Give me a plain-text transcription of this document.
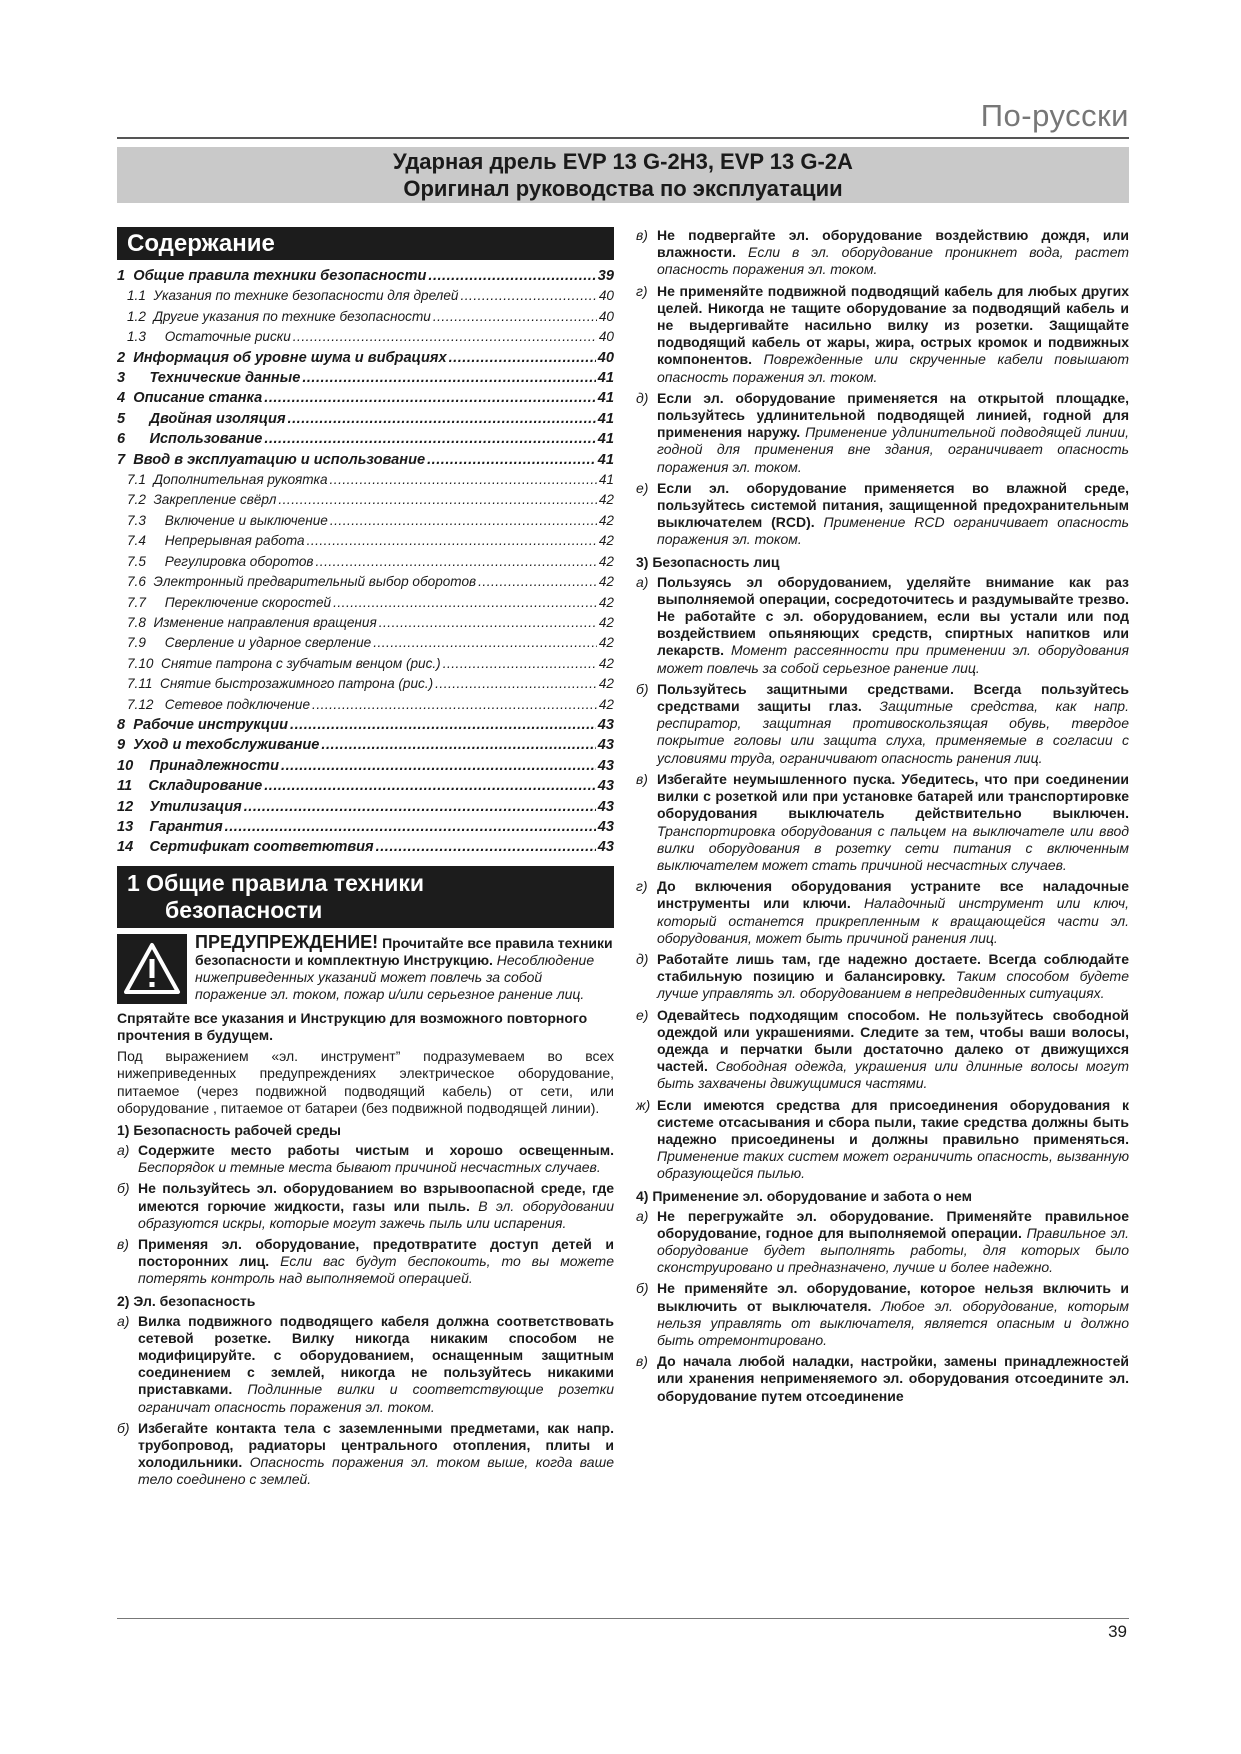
По-русски
Ударная дрель EVP 13 G-2H3, EVP 13 G-2A
Оригинал руководства по эксплуатации
Содержание
1  Общие правила техники безопасности .....	39
1.1  Указания по технике безопасности для дрелей .....	40
1.2  Другие указания по технике безопасности .....	40
1.3     Остаточные риски .....	40
2  Информация об уровне шума и вибрациях .....	40
3      Технические данные .....	41
4  Описание станка .....	41
5      Двойная изоляция .....	41
6      Использование .....	41
7  Ввод в эксплуатацию и использование .....	41
7.1  Дополнительная рукоятка .....	41
7.2  Закрепление свёрл .....	42
7.3     Включение и выключение .....	42
7.4     Непрерывная работа .....	42
7.5     Регулировка оборотов .....	42
7.6  Электронный предварительный выбор оборотов .....	42
7.7     Переключение скоростей .....	42
7.8  Изменение направления вращения .....	42
7.9     Сверление и ударное сверление .....	42
7.10  Снятие патрона с зубчатым венцом (рис.) .....	42
7.11  Снятие быстрозажимного патрона (рис.) .....	42
7.12   Сетевое подключение .....	42
8  Рабочие инструкции .....	43
9  Уход и техобслуживание .....	43
10    Принадлежности .....	43
11    Складирование .....	43
12    Утилизация .....	43
13    Гарантия .....	43
14    Сертификат соответютвия .....	43
1 Общие правила техники
безопасности
ПРЕДУПРЕЖДЕНИЕ! Прочитайте все правила техники безопасности и комплектную Инструкцию. Несоблюдение нижеприведенных указаний может повлечь за собой поражение эл. током, пожар и/или серьезное ранение лиц.

Спрятайте все указания и Инструкцию для возможного повторного прочтения в будущем.

Под выражением «эл. инструмент” подразумеваем во всех нижеприведенных предупреждениях электрическое оборудование, питаемое (через подвижной подводящий кабель) от сети, или оборудование , питаемое от батареи (без подвижной подводящей линии).

1) Безопасность рабочей среды
а) Содержите место работы чистым и хорошо освещенным. Беспорядок и темные места бывают причиной несчастных случаев.
б) Не пользуйтесь эл. оборудованием во взрывоопасной среде, где имеются горючие жидкости, газы или пыль. В эл. оборудовании образуются искры, которые могут зажечь пыль или испарения.
в) Применяя эл. оборудование, предотвратите доступ детей и посторонних лиц. Если вас будут беспокоить, то вы можете потерять контроль над выполняемой операцией.
2) Эл. безопасность
а) Вилка подвижного подводящего кабеля должна соответствовать сетевой розетке. Вилку никогда никаким способом не модифицируйте. с оборудованием, оснащенным защитным соединением с землей, никогда не пользуйтесь никакими приставками. Подлинные вилки и соответствующие розетки ограничат опасность поражения эл. током.
б) Избегайте контакта тела с заземленными предметами, как напр. трубопровод, радиаторы центрального отопления, плиты и холодильники. Опасность поражения эл. током выше, когда ваше тело соединено с землей.
в) Не подвергайте эл. оборудование воздействию дождя, или влажности. Если в эл. оборудование проникнет вода, растет опасность поражения эл. током.
г) Не применяйте подвижной подводящий кабель для любых других целей. Никогда не тащите оборудование за подводящий кабель и не выдергивайте насильно вилку из розетки. Защищайте подводящий кабель от жары, жира, острых кромок и подвижных компонентов. Поврежденные или скрученные кабели повышают опасность поражения эл. током.
д) Если эл. оборудование применяется на открытой площадке, пользуйтесь удлинительной подводящей линией, годной для применения наружу. Применение удлинительной подводящей линии, годной для применения вне здания, ограничивает опасность поражения эл. током.
е) Если эл. оборудование применяется во влажной среде, пользуйтесь системой питания, защищенной предохранительным выключателем (RCD). Применение RCD ограничивает опасность поражения эл. током.
3) Безопасность лиц
а) Пользуясь эл оборудованием, уделяйте внимание как раз выполняемой операции, сосредоточитесь и раздумывайте трезво. Не работайте с эл. оборудованием, если вы устали или под воздействием опьяняющих средств, спиртных напитков или лекарств. Момент рассеянности при применении эл. оборудования может повлечь за собой серьезное ранение лиц.
б) Пользуйтесь защитными средствами. Всегда пользуйтесь средствами защиты глаз. Защитные средства, как напр. респиратор, защитная противоскользящая обувь, твердое покрытие головы или защита слуха, применяемые в согласии с условиями труда, ограничивают опасность ранения лиц.
в) Избегайте неумышленного пуска. Убедитесь, что при соединении вилки с розеткой или при установке батарей или транспортировке оборудования выключатель действительно выключен. Транспортировка оборудования с пальцем на выключателе или ввод вилки оборудования в розетку сети питания с включенным выключателем может стать причиной несчастных случаев.
г) До включения оборудования устраните все наладочные инструменты или ключи. Наладочный инструмент или ключ, который останется прикрепленным к вращающейся части эл. оборудования, может быть причиной ранения лиц.
д) Работайте лишь там, где надежно достаете. Всегда соблюдайте стабильную позицию и балансировку. Таким способом будете лучше управлять эл. оборудованием в непредвиденных ситуациях.
е) Одевайтесь подходящим способом. Не пользуйтесь свободной одеждой или украшениями. Следите за тем, чтобы ваши волосы, одежда и перчатки были достаточно далеко от движущихся частей. Свободная одежда, украшения или длинные волосы могут быть захвачены движущимися частями.
ж) Если имеются средства для присоединения оборудования к системе отсасывания и сбора пыли, такие средства должны быть надежно присоединены и должны правильно применяться. Применение таких систем может ограничить опасность, вызванную образующейся пылью.
4) Применение эл. оборудование и забота о нем
а) Не перегружайте эл. оборудование. Применяйте правильное оборудование, годное для выполняемой операции. Правильное эл. оборудование будет выполнять работы, для которых было сконструировано и предназначено, лучше и более надежно.
б) Не применяйте эл. оборудование, которое нельзя включить и выключить от выключателя. Любое эл. оборудование, которым нельзя управлять от выключателя, является опасным и должно быть отремонтировано.
в) До начала любой наладки, настройки, замены принадлежностей или хранения неприменяемого эл. оборудования отсоедините эл. оборудование путем отсоединение
39
